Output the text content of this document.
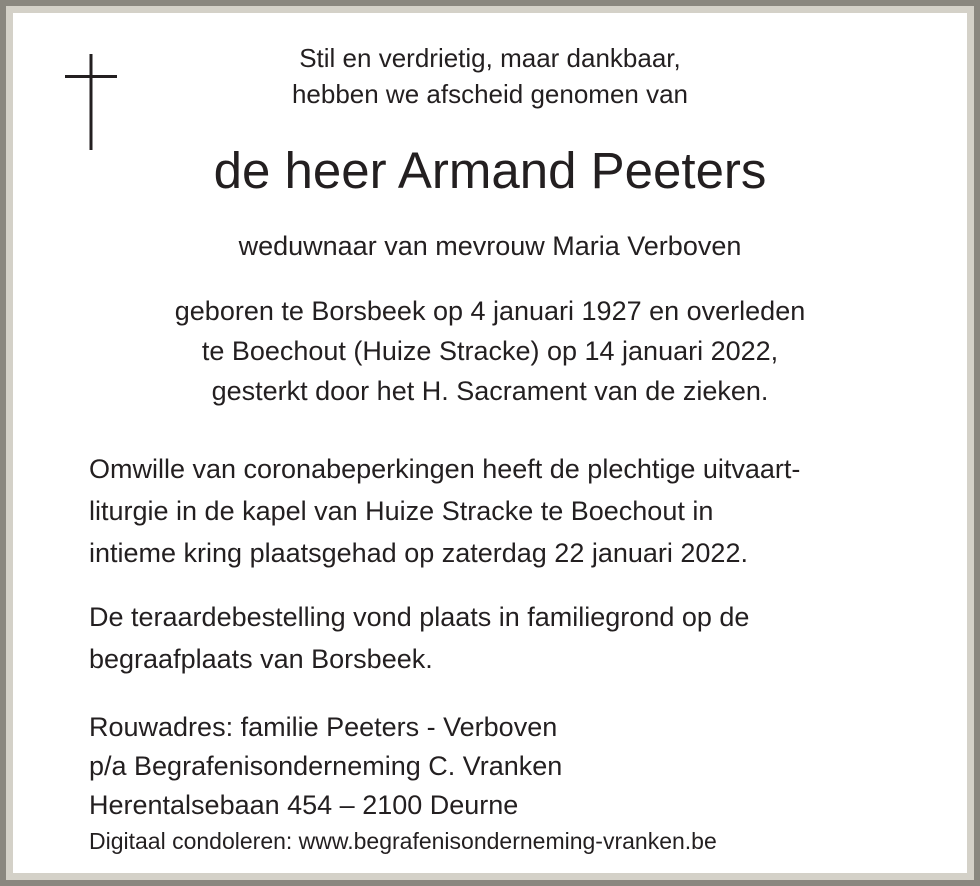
Stil en verdrietig, maar dankbaar,
hebben we afscheid genomen van
de heer Armand Peeters
weduwnaar van mevrouw Maria Verboven
geboren te Borsbeek op 4 januari 1927 en overleden
te Boechout (Huize Stracke) op 14 januari 2022,
gesterkt door het H. Sacrament van de zieken.
Omwille van coronabeperkingen heeft de plechtige uitvaart-
liturgie in de kapel van Huize Stracke te Boechout in
intieme kring plaatsgehad op zaterdag 22 januari 2022.
De teraardebestelling vond plaats in familiegrond op de
begraafplaats van Borsbeek.
Rouwadres: familie Peeters - Verboven
p/a Begrafenisonderneming C. Vranken
Herentalsebaan 454 – 2100 Deurne
Digitaal condoleren: www.begrafenisonderneming-vranken.be
